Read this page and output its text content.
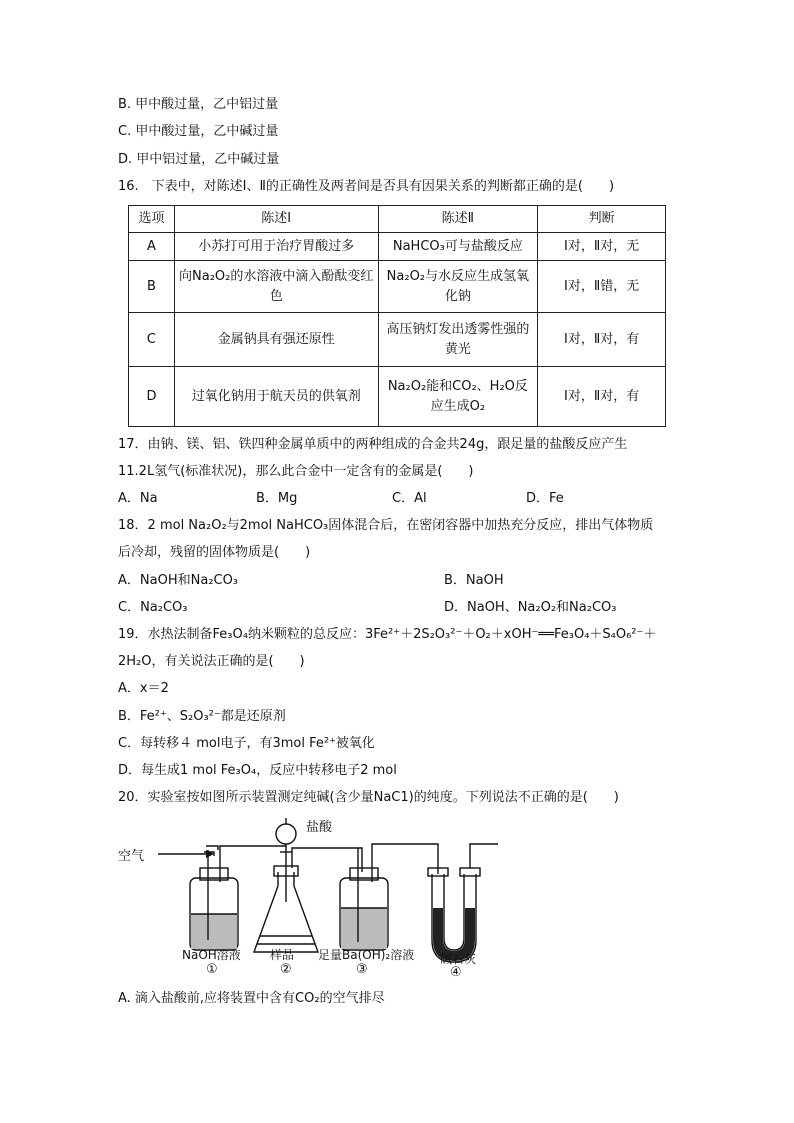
B. 甲中酸过量，乙中铝过量
C. 甲中酸过量，乙中碱过量
D. 甲中铝过量，乙中碱过量
16.　下表中，对陈述Ⅰ、Ⅱ的正确性及两者间是否具有因果关系的判断都正确的是(　　)
选项	陈述Ⅰ	陈述Ⅱ	判断
A	小苏打可用于治疗胃酸过多	NaHCO₃可与盐酸反应	Ⅰ对，Ⅱ对，无
B	向Na₂O₂的水溶液中滴入酚酞变红色	Na₂O₂与水反应生成氢氧化钠	Ⅰ对，Ⅱ错，无
C	金属钠具有强还原性	高压钠灯发出透雾性强的黄光	Ⅰ对，Ⅱ对，有
D	过氧化钠用于航天员的供氧剂	Na₂O₂能和CO₂、H₂O反应生成O₂	Ⅰ对，Ⅱ对，有
17．由钠、镁、铝、铁四种金属单质中的两种组成的合金共24g，跟足量的盐酸反应产生
11.2L氢气(标准状况)，那么此合金中一定含有的金属是(　　)
A．Na	B．Mg	C．Al	D．Fe
18．2 mol Na₂O₂与2mol NaHCO₃固体混合后，在密闭容器中加热充分反应，排出气体物质
后冷却，残留的固体物质是(　　)
A．NaOH和Na₂CO₃	B．NaOH
C．Na₂CO₃	D．NaOH、Na₂O₂和Na₂CO₃
19．水热法制备Fe₃O₄纳米颗粒的总反应：3Fe²⁺＋2S₂O₃²⁻＋O₂＋xOH⁻══Fe₃O₄＋S₄O₆²⁻＋
2H₂O，有关说法正确的是(　　)
A．x＝2
B．Fe²⁺、S₂O₃²⁻都是还原剂
C．每转移４ mol电子，有3mol Fe²⁺被氧化
D．每生成1 mol Fe₃O₄，反应中转移电子2 mol
20．实验室按如图所示装置测定纯碱(含少量NaC1)的纯度。下列说法不正确的是(　　)
空气
盐酸
NaOH溶液 样品 足量Ba(OH)₂溶液 碱石灰
①	②	③	④
A. 滴入盐酸前,应将装置中含有CO₂的空气排尽
